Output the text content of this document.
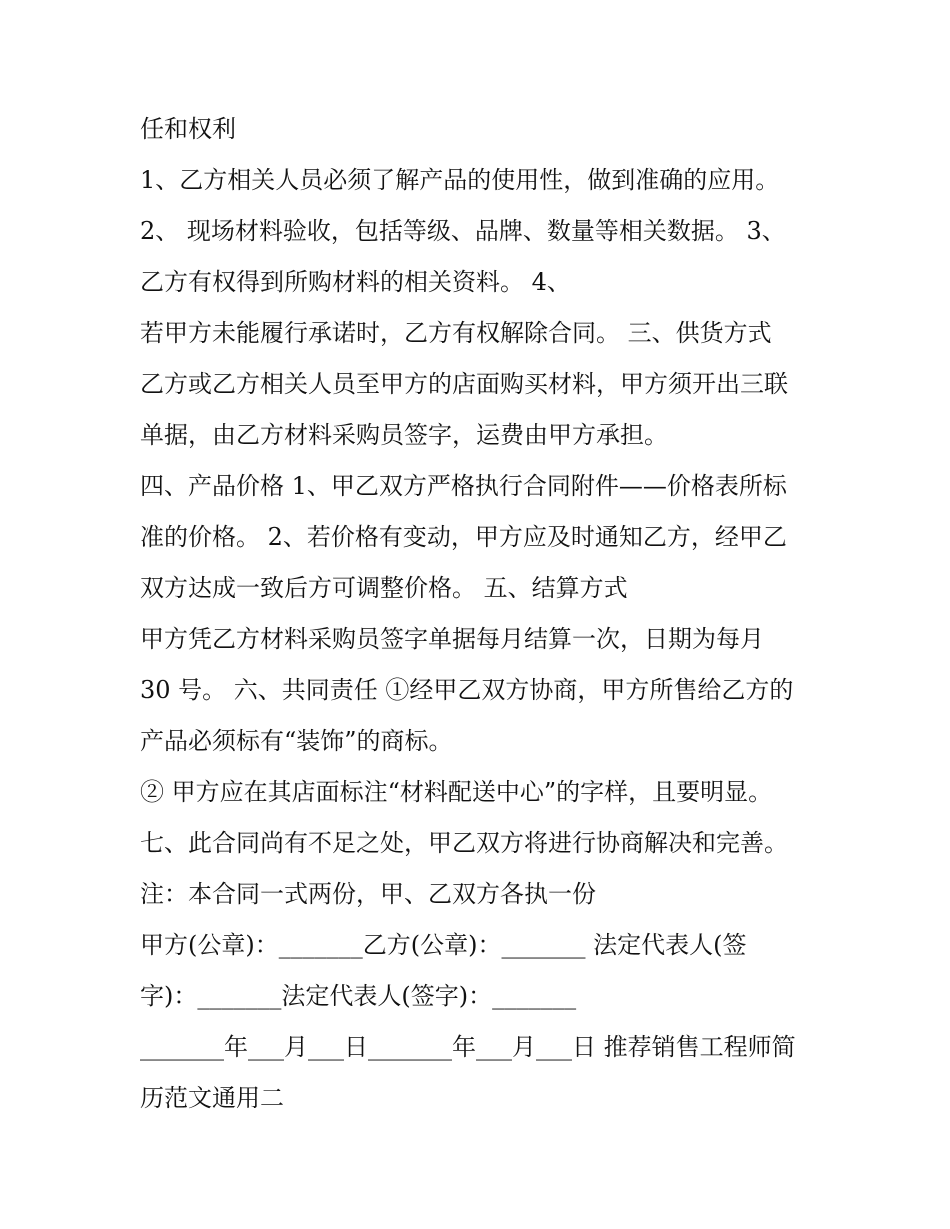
任和权利

1、乙方相关人员必须了解产品的使用性，做到准确的应用。

2、 现场材料验收，包括等级、品牌、数量等相关数据。 3、

乙方有权得到所购材料的相关资料。 4、

若甲方未能履行承诺时，乙方有权解除合同。 三、供货方式

乙方或乙方相关人员至甲方的店面购买材料，甲方须开出三联

单据，由乙方材料采购员签字，运费由甲方承担。

四、产品价格 1、甲乙双方严格执行合同附件——价格表所标

准的价格。 2、若价格有变动，甲方应及时通知乙方，经甲乙

双方达成一致后方可调整价格。 五、结算方式

甲方凭乙方材料采购员签字单据每月结算一次，日期为每月

30 号。 六、共同责任 ①经甲乙双方协商，甲方所售给乙方的

产品必须标有“装饰”的商标。

② 甲方应在其店面标注“材料配送中心”的字样，且要明显。

七、此合同尚有不足之处，甲乙双方将进行协商解决和完善。

注：本合同一式两份，甲、乙双方各执一份

甲方(公章)：_______乙方(公章)：_______ 法定代表人(签

字)：_______法定代表人(签字)：_______

_______年___月___日_______年___月___日 推荐销售工程师简

历范文通用二
